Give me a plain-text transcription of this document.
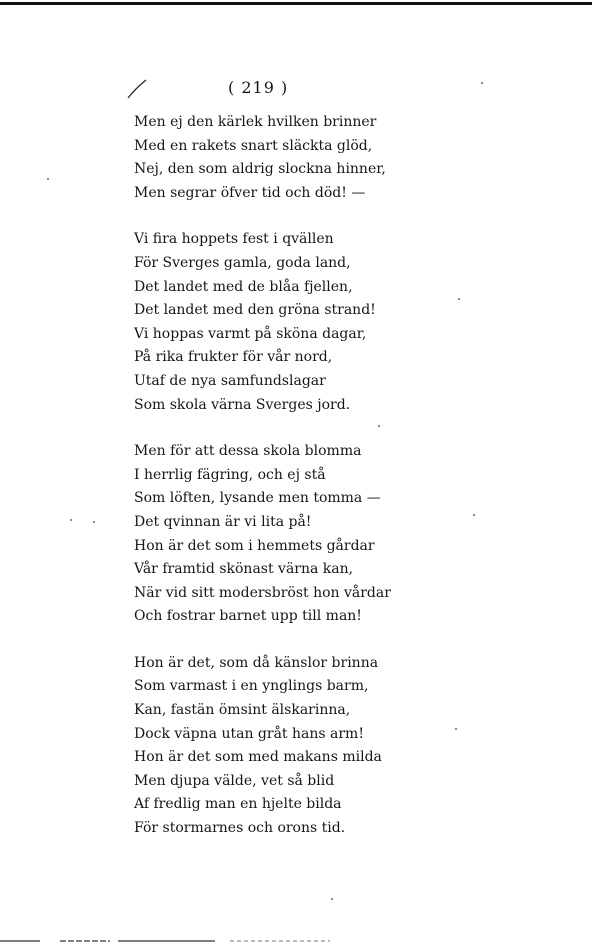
( 219 )
Men ej den kärlek hvilken brinner
Med en rakets snart släckta glöd,
Nej, den som aldrig slockna hinner,
Men segrar öfver tid och död! —
Vi fira hoppets fest i qvällen
För Sverges gamla, goda land,
Det landet med de blåa fjellen,
Det landet med den gröna strand!
Vi hoppas varmt på sköna dagar,
På rika frukter för vår nord,
Utaf de nya samfundslagar
Som skola värna Sverges jord.
Men för att dessa skola blomma
I herrlig fägring, och ej stå
Som löften, lysande men tomma —
Det qvinnan är vi lita på!
Hon är det som i hemmets gårdar
Vår framtid skönast värna kan,
När vid sitt modersbröst hon vårdar
Och fostrar barnet upp till man!
Hon är det, som då känslor brinna
Som varmast i en ynglings barm,
Kan, fastän ömsint älskarinna,
Dock väpna utan gråt hans arm!
Hon är det som med makans milda
Men djupa välde, vet så blid
Af fredlig man en hjelte bilda
För stormarnes och orons tid.
